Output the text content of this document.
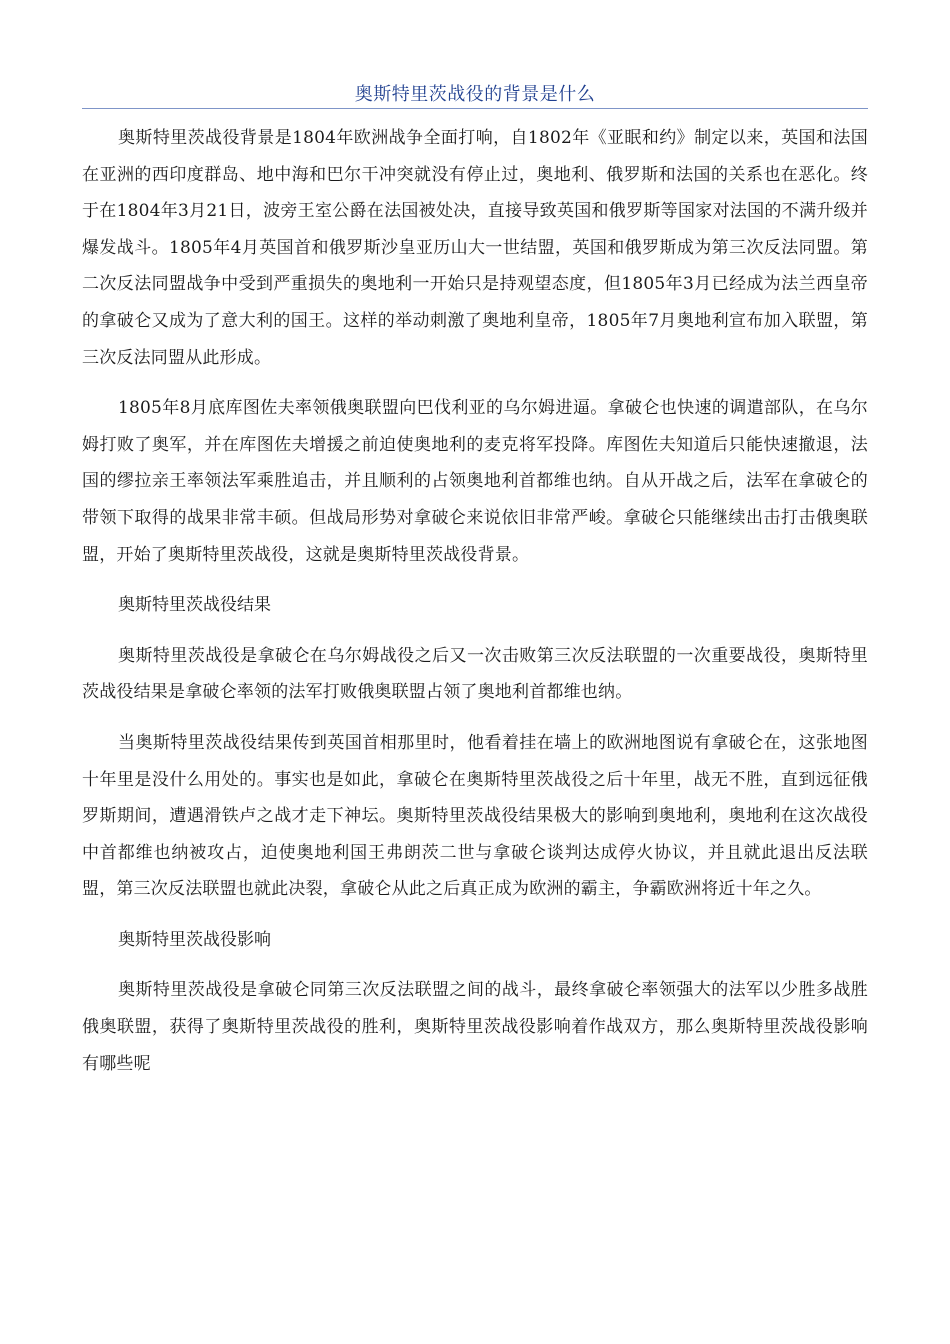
奥斯特里茨战役的背景是什么

奥斯特里茨战役背景是1804年欧洲战争全面打响，自1802年《亚眠和约》制定以来，英国和法国在亚洲的西印度群岛、地中海和巴尔干冲突就没有停止过，奥地利、俄罗斯和法国的关系也在恶化。终于在1804年3月21日，波旁王室公爵在法国被处决，直接导致英国和俄罗斯等国家对法国的不满升级并爆发战斗。1805年4月英国首和俄罗斯沙皇亚历山大一世结盟，英国和俄罗斯成为第三次反法同盟。第二次反法同盟战争中受到严重损失的奥地利一开始只是持观望态度，但1805年3月已经成为法兰西皇帝的拿破仑又成为了意大利的国王。这样的举动刺激了奥地利皇帝，1805年7月奥地利宣布加入联盟，第三次反法同盟从此形成。

1805年8月底库图佐夫率领俄奥联盟向巴伐利亚的乌尔姆进逼。拿破仑也快速的调遣部队，在乌尔姆打败了奥军，并在库图佐夫增援之前迫使奥地利的麦克将军投降。库图佐夫知道后只能快速撤退，法国的缪拉亲王率领法军乘胜追击，并且顺利的占领奥地利首都维也纳。自从开战之后，法军在拿破仑的带领下取得的战果非常丰硕。但战局形势对拿破仑来说依旧非常严峻。拿破仑只能继续出击打击俄奥联盟，开始了奥斯特里茨战役，这就是奥斯特里茨战役背景。

奥斯特里茨战役结果

奥斯特里茨战役是拿破仑在乌尔姆战役之后又一次击败第三次反法联盟的一次重要战役，奥斯特里茨战役结果是拿破仑率领的法军打败俄奥联盟占领了奥地利首都维也纳。

当奥斯特里茨战役结果传到英国首相那里时，他看着挂在墙上的欧洲地图说有拿破仑在，这张地图十年里是没什么用处的。事实也是如此，拿破仑在奥斯特里茨战役之后十年里，战无不胜，直到远征俄罗斯期间，遭遇滑铁卢之战才走下神坛。奥斯特里茨战役结果极大的影响到奥地利，奥地利在这次战役中首都维也纳被攻占，迫使奥地利国王弗朗茨二世与拿破仑谈判达成停火协议，并且就此退出反法联盟，第三次反法联盟也就此决裂，拿破仑从此之后真正成为欧洲的霸主，争霸欧洲将近十年之久。

奥斯特里茨战役影响

奥斯特里茨战役是拿破仑同第三次反法联盟之间的战斗，最终拿破仑率领强大的法军以少胜多战胜俄奥联盟，获得了奥斯特里茨战役的胜利，奥斯特里茨战役影响着作战双方，那么奥斯特里茨战役影响有哪些呢
